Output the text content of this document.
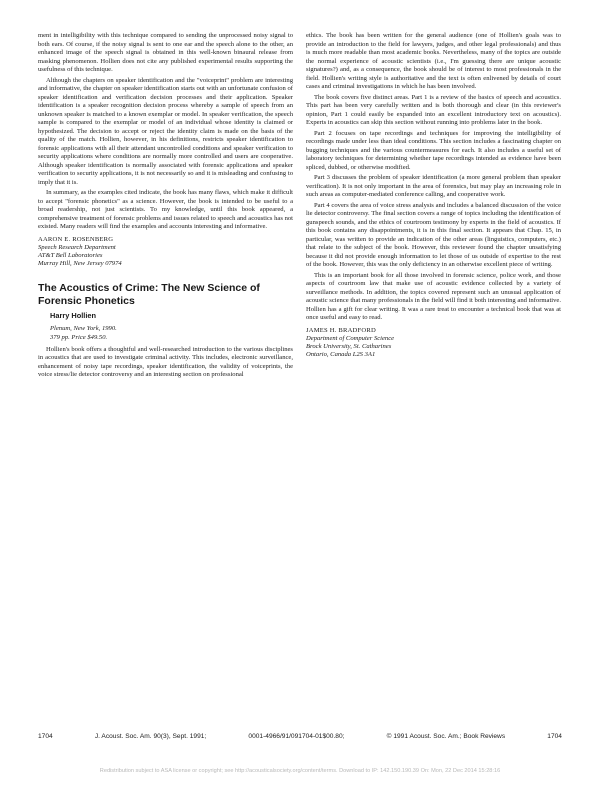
ment in intelligibility with this technique compared to sending the unprocessed noisy signal to both ears. Of course, if the noisy signal is sent to one ear and the speech alone to the other, an enhanced image of the speech signal is obtained in this well-known binaural release from masking phenomenon. Hollien does not cite any published experimental results supporting the usefulness of this technique.

Although the chapters on speaker identification and the "voiceprint" problem are interesting and informative, the chapter on speaker identification starts out with an unfortunate confusion of speaker identification and verification decision processes and their application. Speaker identification is a speaker recognition decision process whereby a sample of speech from an unknown speaker is matched to a known exemplar or model. In speaker verification, the speech sample is compared to the exemplar or model of an individual whose identity is claimed or hypothesized. The decision to accept or reject the identity claim is made on the basis of the quality of the match. Hollien, however, in his definitions, restricts speaker identification to forensic applications with all their attendant uncontrolled conditions and speaker verification to security applications where conditions are normally more controlled and users are cooperative. Although speaker identification is normally associated with forensic applications and speaker verification to security applications, it is not necessarily so and it is misleading and confusing to imply that it is.

In summary, as the examples cited indicate, the book has many flaws, which make it difficult to accept "forensic phonetics" as a science. However, the book is intended to be useful to a broad readership, not just scientists. To my knowledge, until this book appeared, a comprehensive treatment of forensic problems and issues related to speech and acoustics has not existed. Many readers will find the examples and accounts interesting and informative.

AARON E. ROSENBERG
Speech Research Department
AT&T Bell Laboratories
Murray Hill, New Jersey 07974
The Acoustics of Crime: The New Science of Forensic Phonetics
Harry Hollien
Plenum, New York, 1990.
379 pp. Price $49.50.

Hollien's book offers a thoughtful and well-researched introduction to the various disciplines in acoustics that are used to investigate criminal activity. This includes, electronic surveillance, enhancement of noisy tape recordings, speaker identification, the validity of voiceprints, the voice stress/lie detector controversy and an interesting section on professional

ethics. The book has been written for the general audience (one of Hollien's goals was to provide an introduction to the field for lawyers, judges, and other legal professionals) and thus is much more readable than most academic books. Nevertheless, many of the topics are outside the normal experience of acoustic scientists (i.e., I'm guessing there are unique acoustic signatures?) and, as a consequence, the book should be of interest to most professionals in the field. Hollien's writing style is authoritative and the text is often enlivened by details of court cases and criminal investigations in which he has been involved.

The book covers five distinct areas. Part 1 is a review of the basics of speech and acoustics. This part has been very carefully written and is both thorough and clear (in this reviewer's opinion, Part 1 could easily be expanded into an excellent introductory text on acoustics). Experts in acoustics can skip this section without running into problems later in the book.

Part 2 focuses on tape recordings and techniques for improving the intelligibility of recordings made under less than ideal conditions. This section includes a fascinating chapter on bugging techniques and the various countermeasures for each. It also includes a useful set of laboratory techniques for determining whether tape recordings intended as evidence have been spliced, dubbed, or otherwise modified.

Part 3 discusses the problem of speaker identification (a more general problem than speaker verification). It is not only important in the area of forensics, but may play an increasing role in such areas as computer-mediated conference calling, and cooperative work.

Part 4 covers the area of voice stress analysis and includes a balanced discussion of the voice lie detector controversy. The final section covers a range of topics including the identification of gunspeech sounds, and the ethics of courtroom testimony by experts in the field of acoustics. If this book contains any disappointments, it is in this final section. It appears that Chap. 15, in particular, was written to provide an indication of the other areas (linguistics, computers, etc.) that relate to the subject of the book. However, this reviewer found the chapter unsatisfying because it did not provide enough information to let those of us outside of expertise to the rest of the book. However, this was the only deficiency in an otherwise excellent piece of writing.

This is an important book for all those involved in forensic science, police work, and those aspects of courtroom law that make use of acoustic evidence collected by a variety of surveillance methods. In addition, the topics covered represent such an unusual application of acoustic science that many professionals in the field will find it both interesting and informative. Hollien has a gift for clear writing. It was a rare treat to encounter a technical book that was at once useful and easy to read.

JAMES H. BRADFORD
Department of Computer Science
Brock University, St. Catharines
Ontario, Canada L2S 3A1
1704	J. Acoust. Soc. Am. 90(3), Sept. 1991;	0001-4966/91/091704-01$00.80;	© 1991 Acoust. Soc. Am.; Book Reviews	1704
Redistribution subject to ASA license or copyright; see http://acousticalsociety.org/content/terms. Download to IP: 142.150.190.39 On: Mon, 22 Dec 2014 15:28:16
